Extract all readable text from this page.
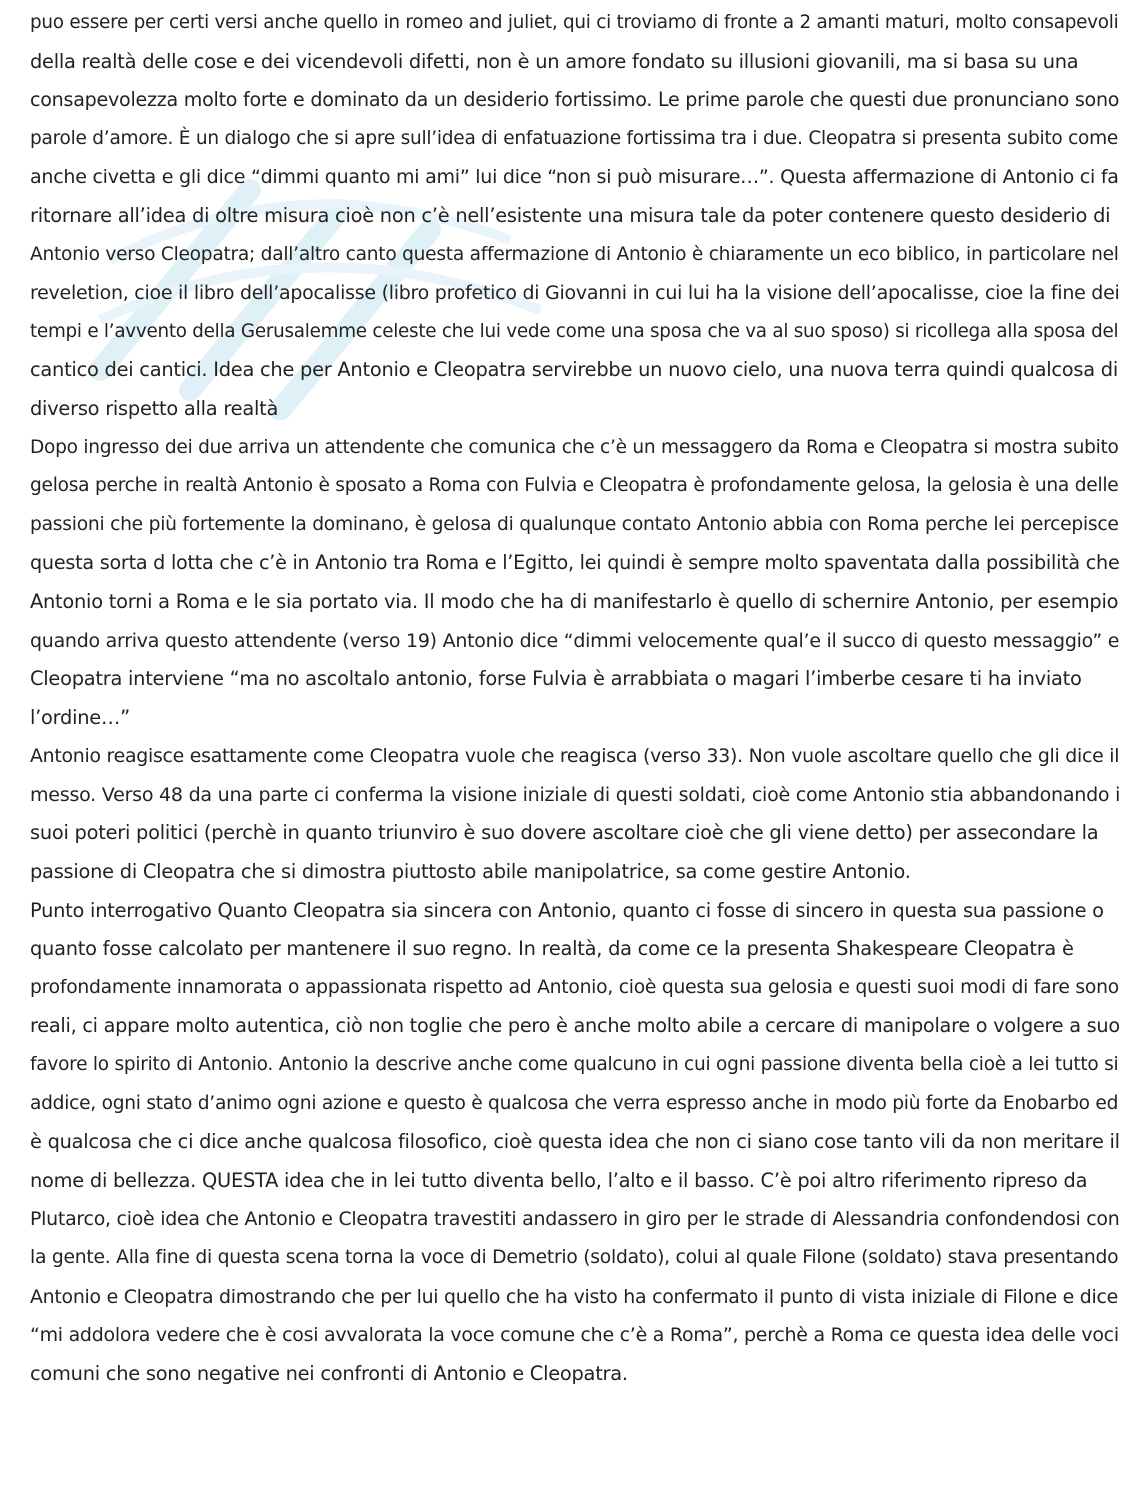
puo essere per certi versi anche quello in romeo and juliet, qui ci troviamo di fronte a 2 amanti maturi, molto consapevoli
della realtà delle cose e dei vicendevoli difetti, non è un amore fondato su illusioni giovanili, ma si basa su una
consapevolezza molto forte e dominato da un desiderio fortissimo. Le prime parole che questi due pronunciano sono
parole d’amore. È un dialogo che si apre sull’idea di enfatuazione fortissima tra i due. Cleopatra si presenta subito come
anche civetta e gli dice “dimmi quanto mi ami” lui dice “non si può misurare…”. Questa affermazione di Antonio ci fa
ritornare all’idea di oltre misura cioè non c’è nell’esistente una misura tale da poter contenere questo desiderio di
Antonio verso Cleopatra; dall’altro canto questa affermazione di Antonio è chiaramente un eco biblico, in particolare nel
reveletion, cioe il libro dell’apocalisse (libro profetico di Giovanni in cui lui ha la visione dell’apocalisse, cioe la fine dei
tempi e l’avvento della Gerusalemme celeste che lui vede come una sposa che va al suo sposo) si ricollega alla sposa del
cantico dei cantici. Idea che per Antonio e Cleopatra servirebbe un nuovo cielo, una nuova terra quindi qualcosa di
diverso rispetto alla realtà
Dopo ingresso dei due arriva un attendente che comunica che c’è un messaggero da Roma e Cleopatra si mostra subito
gelosa perche in realtà Antonio è sposato a Roma con Fulvia e Cleopatra è profondamente gelosa, la gelosia è una delle
passioni che più fortemente la dominano, è gelosa di qualunque contato Antonio abbia con Roma perche lei percepisce
questa sorta d lotta che c’è in Antonio tra Roma e l’Egitto, lei quindi è sempre molto spaventata dalla possibilità che
Antonio torni a Roma e le sia portato via. Il modo che ha di manifestarlo è quello di schernire Antonio, per esempio
quando arriva questo attendente (verso 19) Antonio dice “dimmi velocemente qual’e il succo di questo messaggio” e
Cleopatra interviene “ma no ascoltalo antonio, forse Fulvia è arrabbiata o magari l’imberbe cesare ti ha inviato
l’ordine…”
Antonio reagisce esattamente come Cleopatra vuole che reagisca (verso 33). Non vuole ascoltare quello che gli dice il
messo. Verso 48 da una parte ci conferma la visione iniziale di questi soldati, cioè come Antonio stia abbandonando i
suoi poteri politici (perchè in quanto triunviro è suo dovere ascoltare cioè che gli viene detto) per assecondare la
passione di Cleopatra che si dimostra piuttosto abile manipolatrice, sa come gestire Antonio.
Punto interrogativo Quanto Cleopatra sia sincera con Antonio, quanto ci fosse di sincero in questa sua passione o
quanto fosse calcolato per mantenere il suo regno. In realtà, da come ce la presenta Shakespeare Cleopatra è
profondamente innamorata o appassionata rispetto ad Antonio, cioè questa sua gelosia e questi suoi modi di fare sono
reali, ci appare molto autentica, ciò non toglie che pero è anche molto abile a cercare di manipolare o volgere a suo
favore lo spirito di Antonio. Antonio la descrive anche come qualcuno in cui ogni passione diventa bella cioè a lei tutto si
addice, ogni stato d’animo ogni azione e questo è qualcosa che verra espresso anche in modo più forte da Enobarbo ed
è qualcosa che ci dice anche qualcosa filosofico, cioè questa idea che non ci siano cose tanto vili da non meritare il
nome di bellezza. QUESTA idea che in lei tutto diventa bello, l’alto e il basso. C’è poi altro riferimento ripreso da
Plutarco, cioè idea che Antonio e Cleopatra travestiti andassero in giro per le strade di Alessandria confondendosi con
la gente. Alla fine di questa scena torna la voce di Demetrio (soldato), colui al quale Filone (soldato) stava presentando
Antonio e Cleopatra dimostrando che per lui quello che ha visto ha confermato il punto di vista iniziale di Filone e dice
“mi addolora vedere che è cosi avvalorata la voce comune che c’è a Roma”, perchè a Roma ce questa idea delle voci
comuni che sono negative nei confronti di Antonio e Cleopatra.
